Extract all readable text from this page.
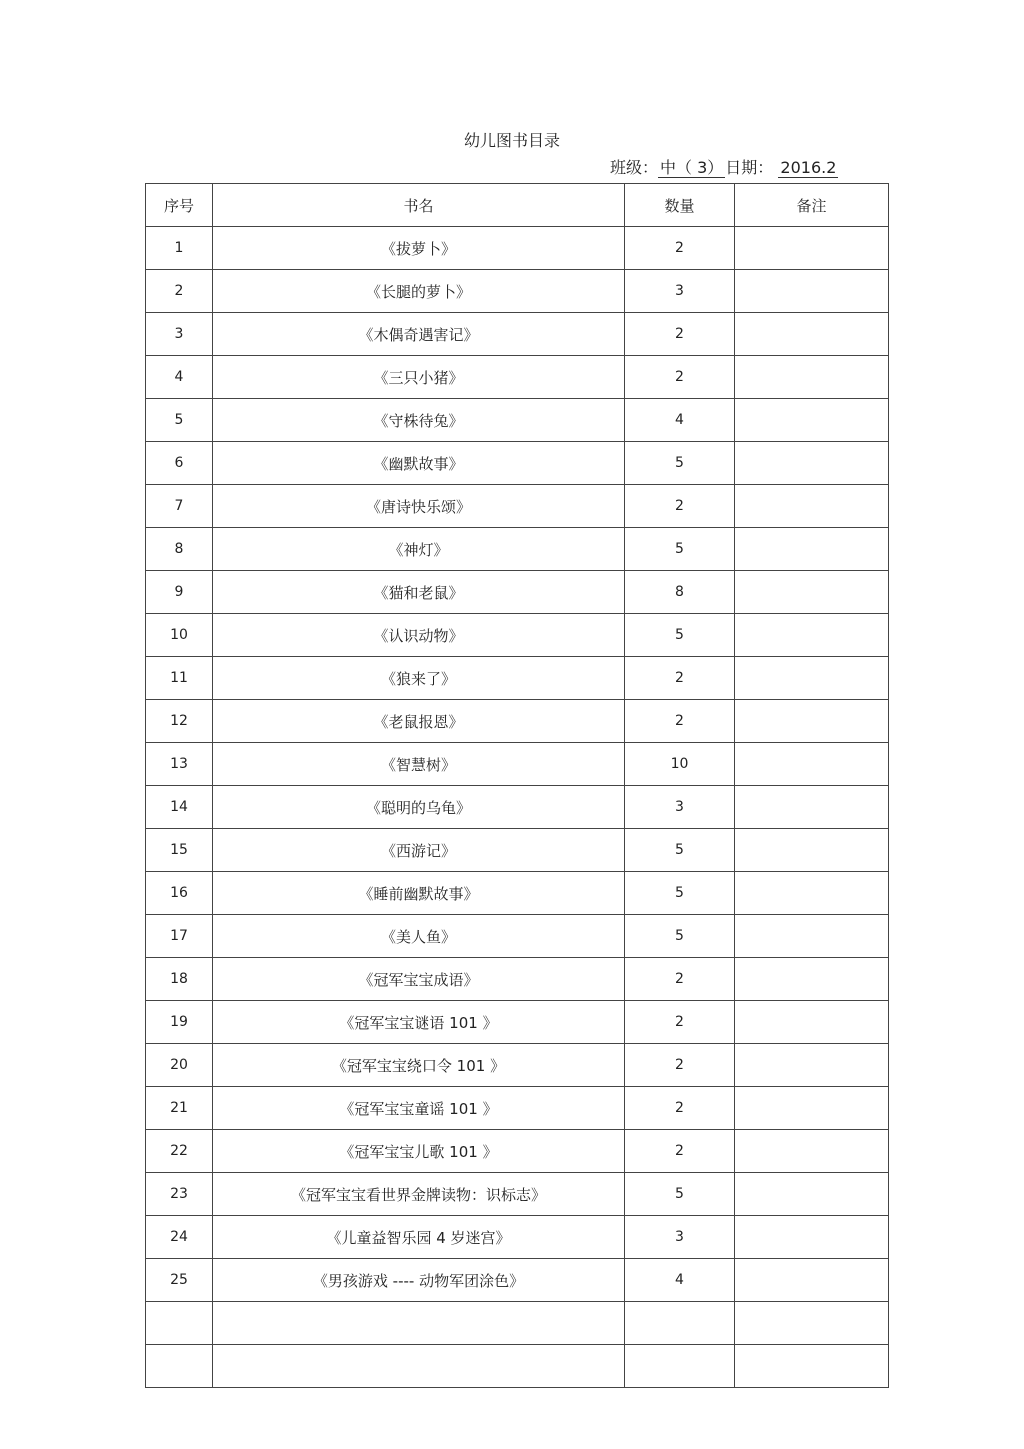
幼儿图书目录
班级： 中（ 3） 日期： 2016.2
序号	书名	数量	备注
1	《拔萝卜》	2	
2	《长腿的萝卜》	3	
3	《木偶奇遇害记》	2	
4	《三只小猪》	2	
5	《守株待兔》	4	
6	《幽默故事》	5	
7	《唐诗快乐颂》	2	
8	《神灯》	5	
9	《猫和老鼠》	8	
10	《认识动物》	5	
11	《狼来了》	2	
12	《老鼠报恩》	2	
13	《智慧树》	10	
14	《聪明的乌龟》	3	
15	《西游记》	5	
16	《睡前幽默故事》	5	
17	《美人鱼》	5	
18	《冠军宝宝成语》	2	
19	《冠军宝宝谜语 101 》	2	
20	《冠军宝宝绕口令 101 》	2	
21	《冠军宝宝童谣 101 》	2	
22	《冠军宝宝儿歌 101 》	2	
23	《冠军宝宝看世界金牌读物：识标志》	5	
24	《儿童益智乐园 4 岁迷宫》	3	
25	《男孩游戏 ---- 动物军团涂色》	4	
